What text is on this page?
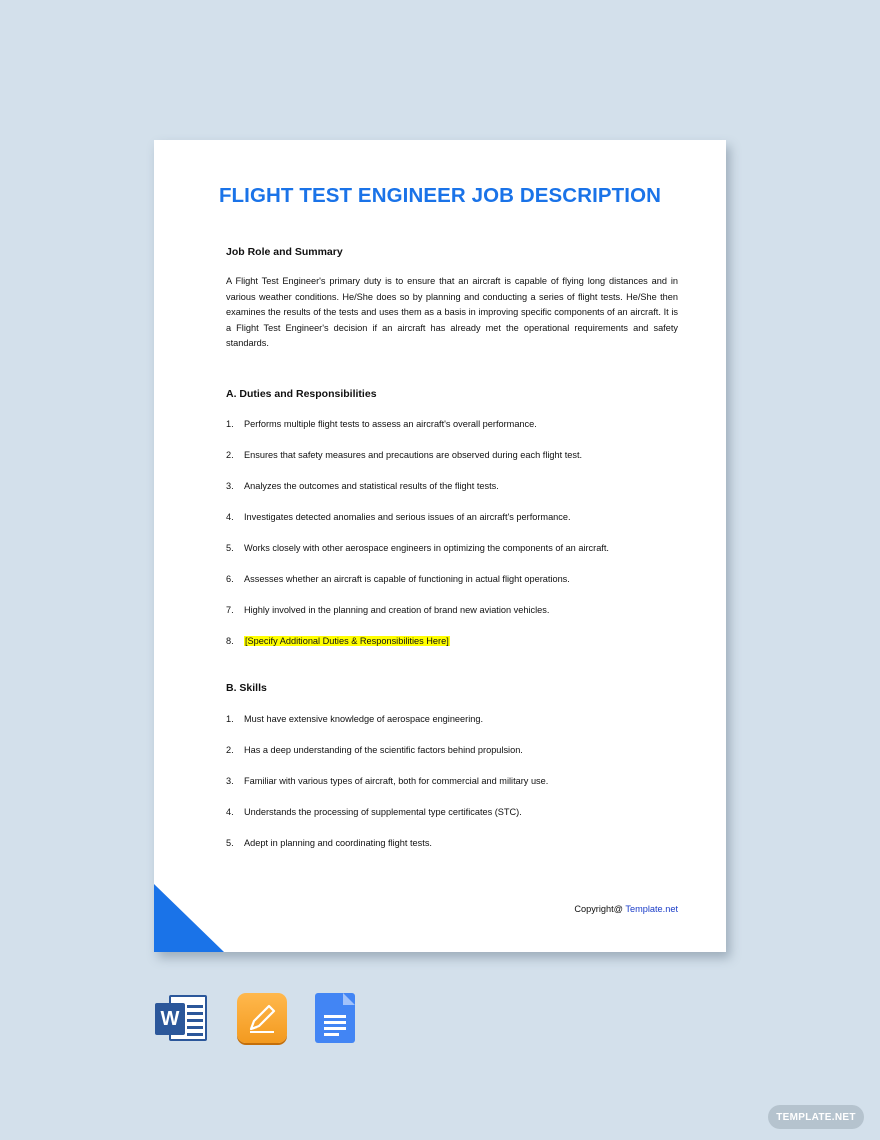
FLIGHT TEST ENGINEER JOB DESCRIPTION
Job Role and Summary
A Flight Test Engineer's primary duty is to ensure that an aircraft is capable of flying long distances and in various weather conditions. He/She does so by planning and conducting a series of flight tests. He/She then examines the results of the tests and uses them as a basis in improving specific components of an aircraft. It is a Flight Test Engineer's decision if an aircraft has already met the operational requirements and safety standards.
A. Duties and Responsibilities
1.	Performs multiple flight tests to assess an aircraft's overall performance.
2.	Ensures that safety measures and precautions are observed during each flight test.
3.	Analyzes the outcomes and statistical results of the flight tests.
4.	Investigates detected anomalies and serious issues of an aircraft's performance.
5.	Works closely with other aerospace engineers in optimizing the components of an aircraft.
6.	Assesses whether an aircraft is capable of functioning in actual flight operations.
7.	Highly involved in the planning and creation of brand new aviation vehicles.
8.	[Specify Additional Duties & Responsibilities Here]
B. Skills
1.	Must have extensive knowledge of aerospace engineering.
2.	Has a deep understanding of the scientific factors behind propulsion.
3.	Familiar with various types of aircraft, both for commercial and military use.
4.	Understands the processing of supplemental type certificates (STC).
5.	Adept in planning and coordinating flight tests.
Copyright@ Template.net
W
TEMPLATE.NET
